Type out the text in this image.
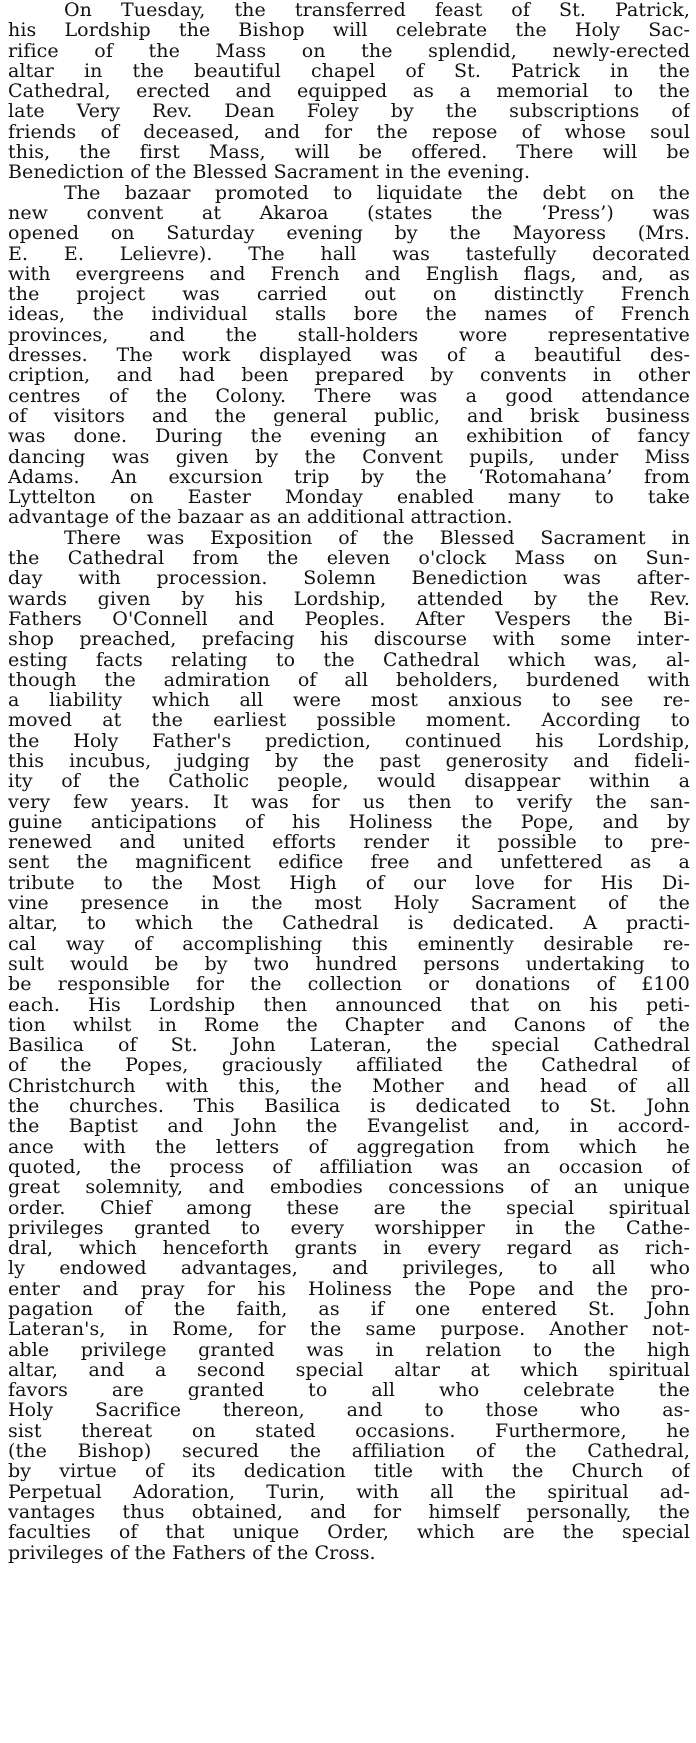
On Tuesday, the transferred feast of St. Patrick,
his Lordship the Bishop will celebrate the Holy Sac-
rifice of the Mass on the splendid, newly-erected
altar in the beautiful chapel of St. Patrick in the
Cathedral, erected and equipped as a memorial to the
late Very Rev. Dean Foley by the subscriptions of
friends of deceased, and for the repose of whose soul
this, the first Mass, will be offered. There will be
Benediction of the Blessed Sacrament in the evening.
The bazaar promoted to liquidate the debt on the
new convent at Akaroa (states the ‘Press’) was
opened on Saturday evening by the Mayoress (Mrs.
E. E. Lelievre). The hall was tastefully decorated
with evergreens and French and English flags, and, as
the project was carried out on distinctly French
ideas, the individual stalls bore the names of French
provinces, and the stall-holders wore representative
dresses. The work displayed was of a beautiful des-
cription, and had been prepared by convents in other
centres of the Colony. There was a good attendance
of visitors and the general public, and brisk business
was done. During the evening an exhibition of fancy
dancing was given by the Convent pupils, under Miss
Adams. An excursion trip by the ‘Rotomahana’ from
Lyttelton on Easter Monday enabled many to take
advantage of the bazaar as an additional attraction.
There was Exposition of the Blessed Sacrament in
the Cathedral from the eleven o'clock Mass on Sun-
day with procession. Solemn Benediction was after-
wards given by his Lordship, attended by the Rev.
Fathers O'Connell and Peoples. After Vespers the Bi-
shop preached, prefacing his discourse with some inter-
esting facts relating to the Cathedral which was, al-
though the admiration of all beholders, burdened with
a liability which all were most anxious to see re-
moved at the earliest possible moment. According to
the Holy Father's prediction, continued his Lordship,
this incubus, judging by the past generosity and fideli-
ity of the Catholic people, would disappear within a
very few years. It was for us then to verify the san-
guine anticipations of his Holiness the Pope, and by
renewed and united efforts render it possible to pre-
sent the magnificent edifice free and unfettered as a
tribute to the Most High of our love for His Di-
vine presence in the most Holy Sacrament of the
altar, to which the Cathedral is dedicated. A practi-
cal way of accomplishing this eminently desirable re-
sult would be by two hundred persons undertaking to
be responsible for the collection or donations of £100
each. His Lordship then announced that on his peti-
tion whilst in Rome the Chapter and Canons of the
Basilica of St. John Lateran, the special Cathedral
of the Popes, graciously affiliated the Cathedral of
Christchurch with this, the Mother and head of all
the churches. This Basilica is dedicated to St. John
the Baptist and John the Evangelist and, in accord-
ance with the letters of aggregation from which he
quoted, the process of affiliation was an occasion of
great solemnity, and embodies concessions of an unique
order. Chief among these are the special spiritual
privileges granted to every worshipper in the Cathe-
dral, which henceforth grants in every regard as rich-
ly endowed advantages, and privileges, to all who
enter and pray for his Holiness the Pope and the pro-
pagation of the faith, as if one entered St. John
Lateran's, in Rome, for the same purpose. Another not-
able privilege granted was in relation to the high
altar, and a second special altar at which spiritual
favors are granted to all who celebrate the
Holy Sacrifice thereon, and to those who as-
sist thereat on stated occasions. Furthermore, he
(the Bishop) secured the affiliation of the Cathedral,
by virtue of its dedication title with the Church of
Perpetual Adoration, Turin, with all the spiritual ad-
vantages thus obtained, and for himself personally, the
faculties of that unique Order, which are the special
privileges of the Fathers of the Cross.
